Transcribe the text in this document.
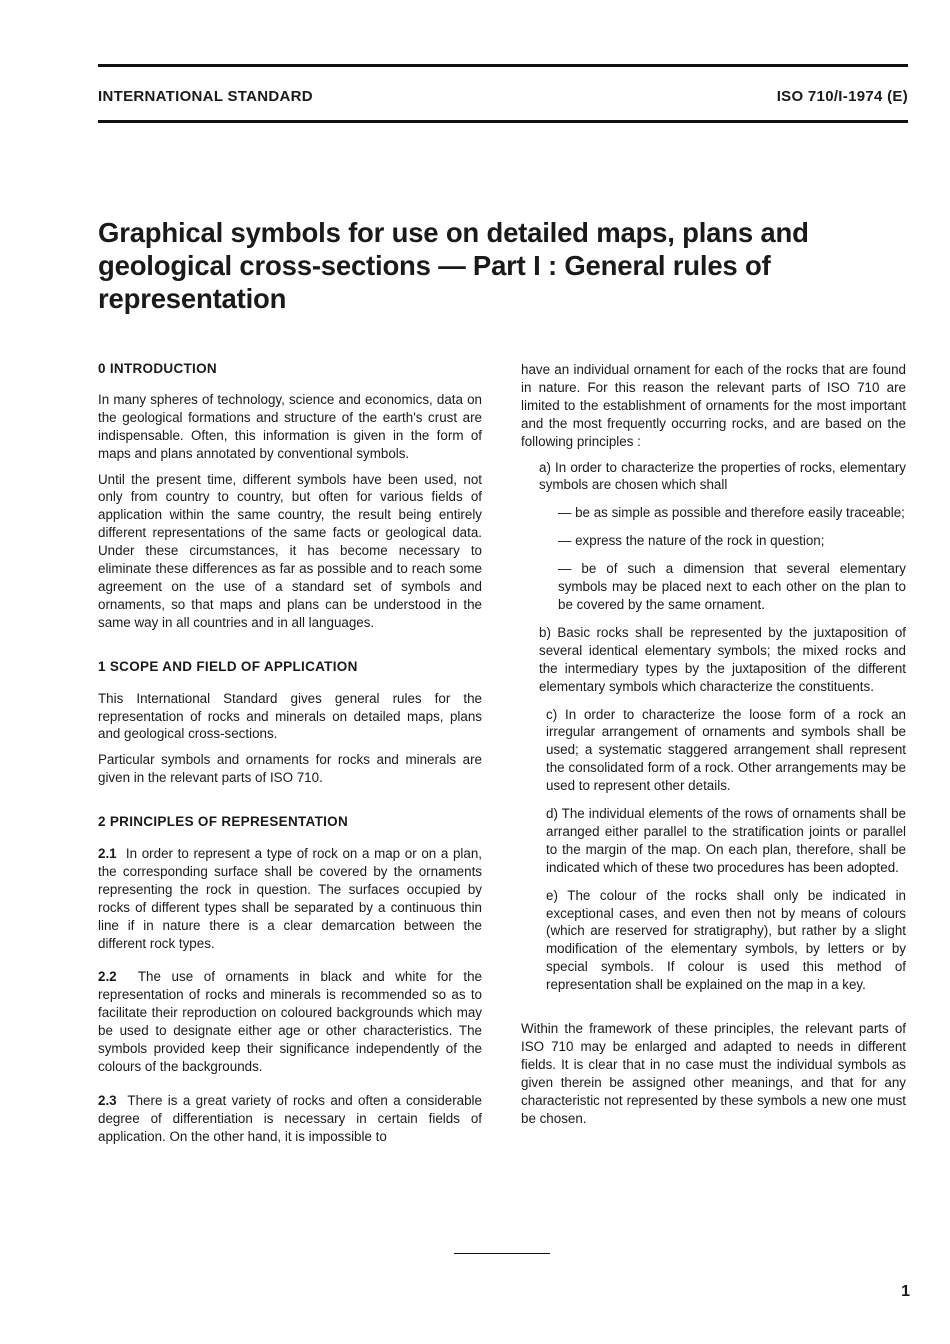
INTERNATIONAL STANDARD	ISO 710/I-1974 (E)
Graphical symbols for use on detailed maps, plans and geological cross-sections — Part I : General rules of representation
0 INTRODUCTION

In many spheres of technology, science and economics, data on the geological formations and structure of the earth's crust are indispensable. Often, this information is given in the form of maps and plans annotated by conventional symbols.

Until the present time, different symbols have been used, not only from country to country, but often for various fields of application within the same country, the result being entirely different representations of the same facts or geological data. Under these circumstances, it has become necessary to eliminate these differences as far as possible and to reach some agreement on the use of a standard set of symbols and ornaments, so that maps and plans can be understood in the same way in all countries and in all languages.

1 SCOPE AND FIELD OF APPLICATION

This International Standard gives general rules for the representation of rocks and minerals on detailed maps, plans and geological cross-sections.

Particular symbols and ornaments for rocks and minerals are given in the relevant parts of ISO 710.

2 PRINCIPLES OF REPRESENTATION

2.1 In order to represent a type of rock on a map or on a plan, the corresponding surface shall be covered by the ornaments representing the rock in question. The surfaces occupied by rocks of different types shall be separated by a continuous thin line if in nature there is a clear demarcation between the different rock types.

2.2 The use of ornaments in black and white for the representation of rocks and minerals is recommended so as to facilitate their reproduction on coloured backgrounds which may be used to designate either age or other characteristics. The symbols provided keep their significance independently of the colours of the backgrounds.

2.3 There is a great variety of rocks and often a considerable degree of differentiation is necessary in certain fields of application. On the other hand, it is impossible to

have an individual ornament for each of the rocks that are found in nature. For this reason the relevant parts of ISO 710 are limited to the establishment of ornaments for the most important and the most frequently occurring rocks, and are based on the following principles :

a) In order to characterize the properties of rocks, elementary symbols are chosen which shall

— be as simple as possible and therefore easily traceable;

— express the nature of the rock in question;

— be of such a dimension that several elementary symbols may be placed next to each other on the plan to be covered by the same ornament.

b) Basic rocks shall be represented by the juxtaposition of several identical elementary symbols; the mixed rocks and the intermediary types by the juxtaposition of the different elementary symbols which characterize the constituents.

c) In order to characterize the loose form of a rock an irregular arrangement of ornaments and symbols shall be used; a systematic staggered arrangement shall represent the consolidated form of a rock. Other arrangements may be used to represent other details.

d) The individual elements of the rows of ornaments shall be arranged either parallel to the stratification joints or parallel to the margin of the map. On each plan, therefore, shall be indicated which of these two procedures has been adopted.

e) The colour of the rocks shall only be indicated in exceptional cases, and even then not by means of colours (which are reserved for stratigraphy), but rather by a slight modification of the elementary symbols, by letters or by special symbols. If colour is used this method of representation shall be explained on the map in a key.

Within the framework of these principles, the relevant parts of ISO 710 may be enlarged and adapted to needs in different fields. It is clear that in no case must the individual symbols as given therein be assigned other meanings, and that for any characteristic not represented by these symbols a new one must be chosen.

1
